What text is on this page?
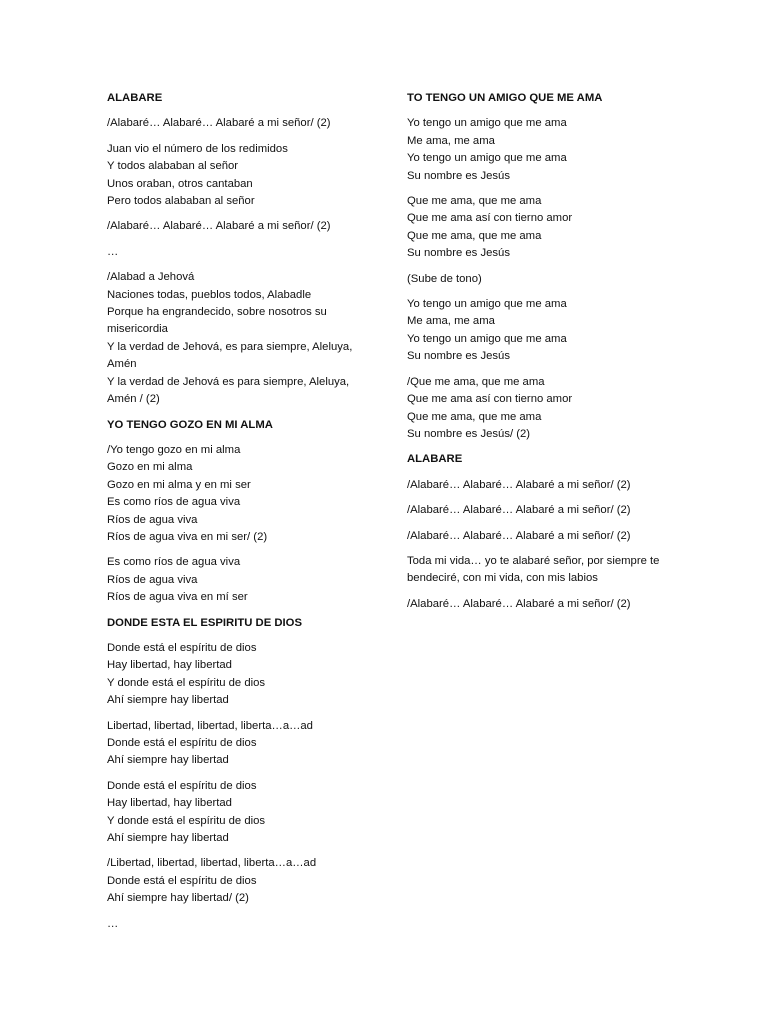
ALABARE
/Alabaré… Alabaré… Alabaré a mi señor/ (2)
Juan vio el número de los redimidos
Y todos alababan al señor
Unos oraban, otros cantaban
Pero todos alababan al señor
/Alabaré… Alabaré… Alabaré a mi señor/ (2)
…
/Alabad a Jehová
Naciones todas, pueblos todos, Alabadle
Porque ha engrandecido, sobre nosotros su misericordia
Y la verdad de Jehová, es para siempre, Aleluya, Amén
Y la verdad de Jehová es para siempre, Aleluya, Amén / (2)
YO TENGO GOZO EN MI ALMA
/Yo tengo gozo en mi alma
Gozo en mi alma
Gozo en mi alma y en mi ser
Es como ríos de agua viva
Ríos de agua viva
Ríos de agua viva en mi ser/ (2)
Es como ríos de agua viva
Ríos de agua viva
Ríos de agua viva en mí ser
DONDE ESTA EL ESPIRITU DE DIOS
Donde está el espíritu de dios
Hay libertad, hay libertad
Y donde está el espíritu de dios
Ahí siempre hay libertad
Libertad, libertad, libertad, liberta…a…ad
Donde está el espíritu de dios
Ahí siempre hay libertad
Donde está el espíritu de dios
Hay libertad, hay libertad
Y donde está el espíritu de dios
Ahí siempre hay libertad
/Libertad, libertad, libertad, liberta…a…ad
Donde está el espíritu de dios
Ahí siempre hay libertad/ (2)
…
TO TENGO UN AMIGO QUE ME AMA
Yo tengo un amigo que me ama
Me ama, me ama
Yo tengo un amigo que me ama
Su nombre es Jesús
Que me ama, que me ama
Que me ama así con tierno amor
Que me ama, que me ama
Su nombre es Jesús
(Sube de tono)
Yo tengo un amigo que me ama
Me ama, me ama
Yo tengo un amigo que me ama
Su nombre es Jesús
/Que me ama, que me ama
Que me ama así con tierno amor
Que me ama, que me ama
Su nombre es Jesús/ (2)
ALABARE
/Alabaré… Alabaré… Alabaré a mi señor/ (2)
/Alabaré… Alabaré… Alabaré a mi señor/ (2)
/Alabaré… Alabaré… Alabaré a mi señor/ (2)
Toda mi vida… yo te alabaré señor, por siempre te bendeciré, con mi vida, con mis labios
/Alabaré… Alabaré… Alabaré a mi señor/ (2)
